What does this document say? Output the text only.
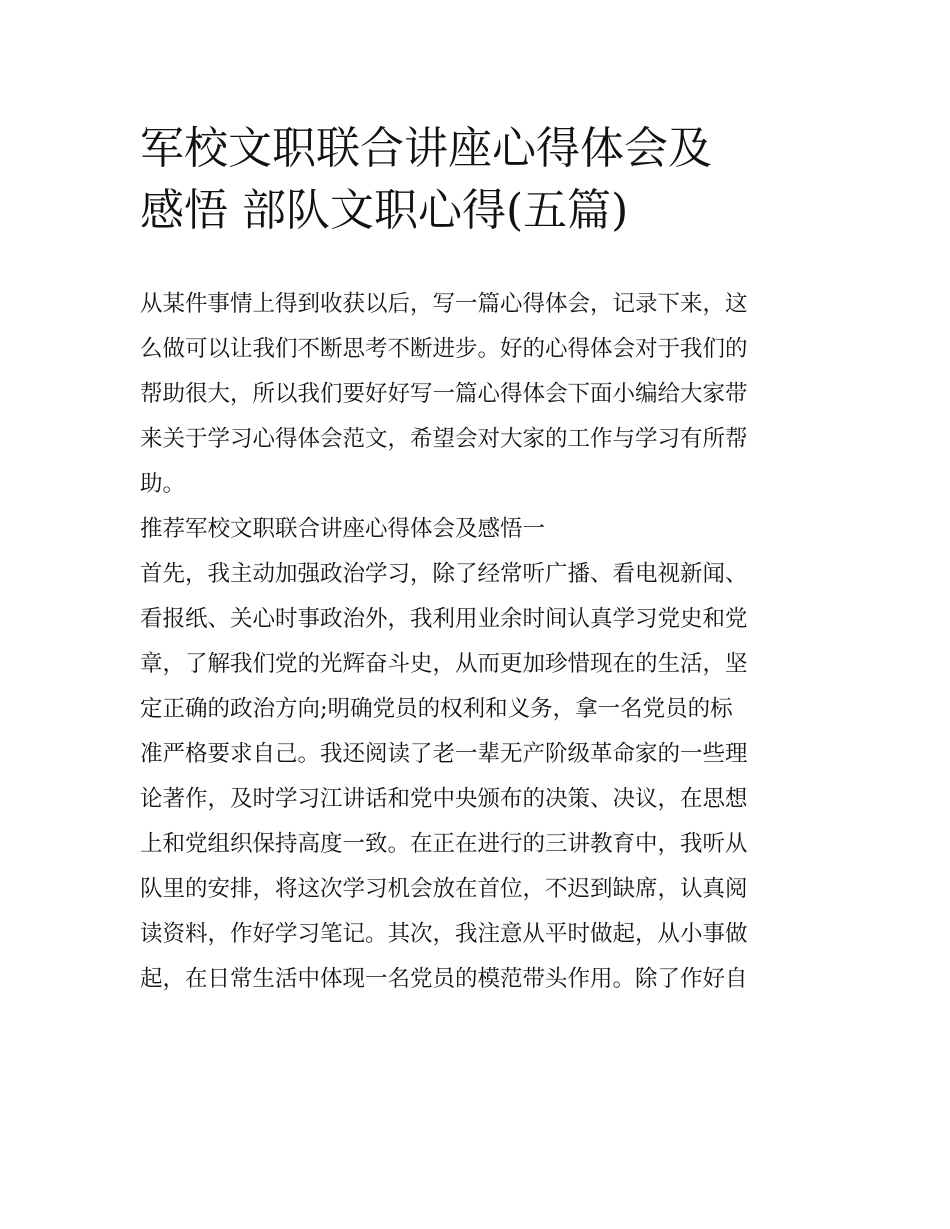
军校文职联合讲座心得体会及
感悟 部队文职心得(五篇)
从某件事情上得到收获以后，写一篇心得体会，记录下来，这
么做可以让我们不断思考不断进步。好的心得体会对于我们的
帮助很大，所以我们要好好写一篇心得体会下面小编给大家带
来关于学习心得体会范文，希望会对大家的工作与学习有所帮
助。
推荐军校文职联合讲座心得体会及感悟一
首先，我主动加强政治学习，除了经常听广播、看电视新闻、
看报纸、关心时事政治外，我利用业余时间认真学习党史和党
章，了解我们党的光辉奋斗史，从而更加珍惜现在的生活，坚
定正确的政治方向;明确党员的权利和义务，拿一名党员的标
准严格要求自己。我还阅读了老一辈无产阶级革命家的一些理
论著作，及时学习江讲话和党中央颁布的决策、决议，在思想
上和党组织保持高度一致。在正在进行的三讲教育中，我听从
队里的安排，将这次学习机会放在首位，不迟到缺席，认真阅
读资料，作好学习笔记。其次，我注意从平时做起，从小事做
起，在日常生活中体现一名党员的模范带头作用。除了作好自
